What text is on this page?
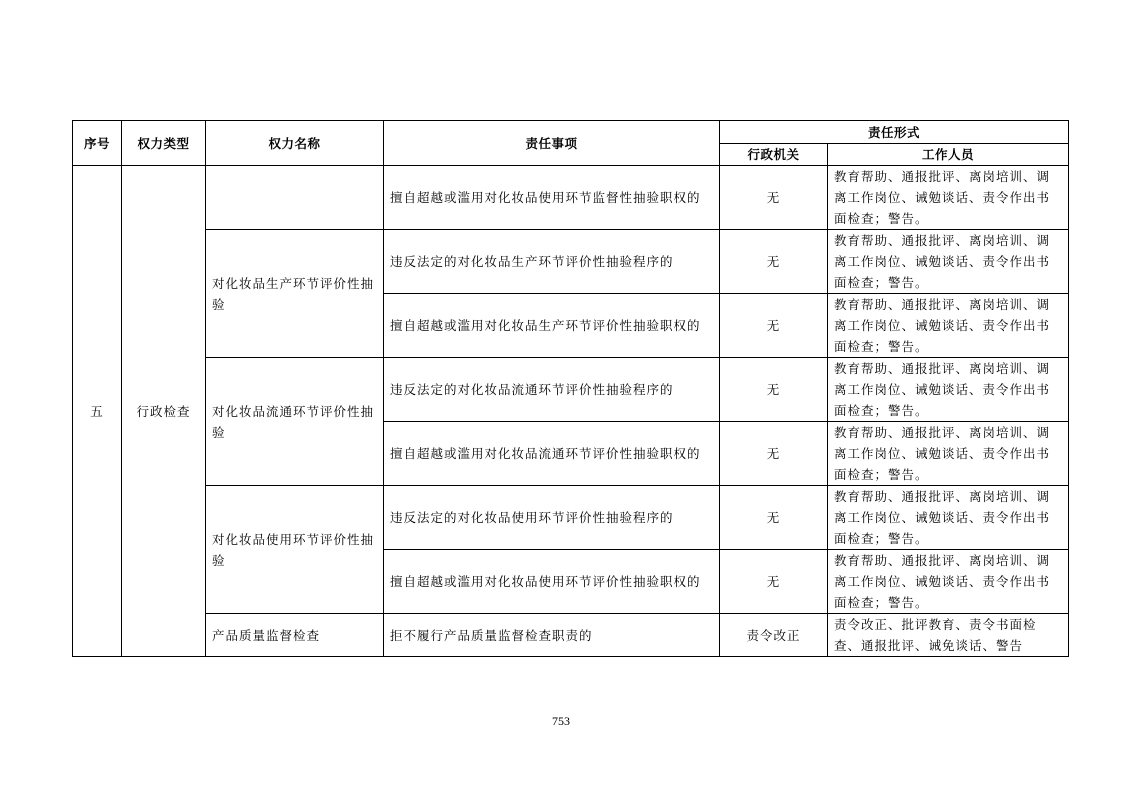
序号	权力类型	权力名称	责任事项	责任形式	
				行政机关	工作人员
五	行政检查		擅自超越或滥用对化妆品使用环节监督性抽验职权的	无	教育帮助、通报批评、离岗培训、调离工作岗位、诫勉谈话、责令作出书面检查；警告。
		对化妆品生产环节评价性抽验	违反法定的对化妆品生产环节评价性抽验程序的	无	教育帮助、通报批评、离岗培训、调离工作岗位、诫勉谈话、责令作出书面检查；警告。
			擅自超越或滥用对化妆品生产环节评价性抽验职权的	无	教育帮助、通报批评、离岗培训、调离工作岗位、诫勉谈话、责令作出书面检查；警告。
		对化妆品流通环节评价性抽验	违反法定的对化妆品流通环节评价性抽验程序的	无	教育帮助、通报批评、离岗培训、调离工作岗位、诫勉谈话、责令作出书面检查；警告。
			擅自超越或滥用对化妆品流通环节评价性抽验职权的	无	教育帮助、通报批评、离岗培训、调离工作岗位、诫勉谈话、责令作出书面检查；警告。
		对化妆品使用环节评价性抽验	违反法定的对化妆品使用环节评价性抽验程序的	无	教育帮助、通报批评、离岗培训、调离工作岗位、诫勉谈话、责令作出书面检查；警告。
			擅自超越或滥用对化妆品使用环节评价性抽验职权的	无	教育帮助、通报批评、离岗培训、调离工作岗位、诫勉谈话、责令作出书面检查；警告。
		产品质量监督检查	拒不履行产品质量监督检查职责的	责令改正	责令改正、批评教育、责令书面检查、通报批评、诫免谈话、警告
753
